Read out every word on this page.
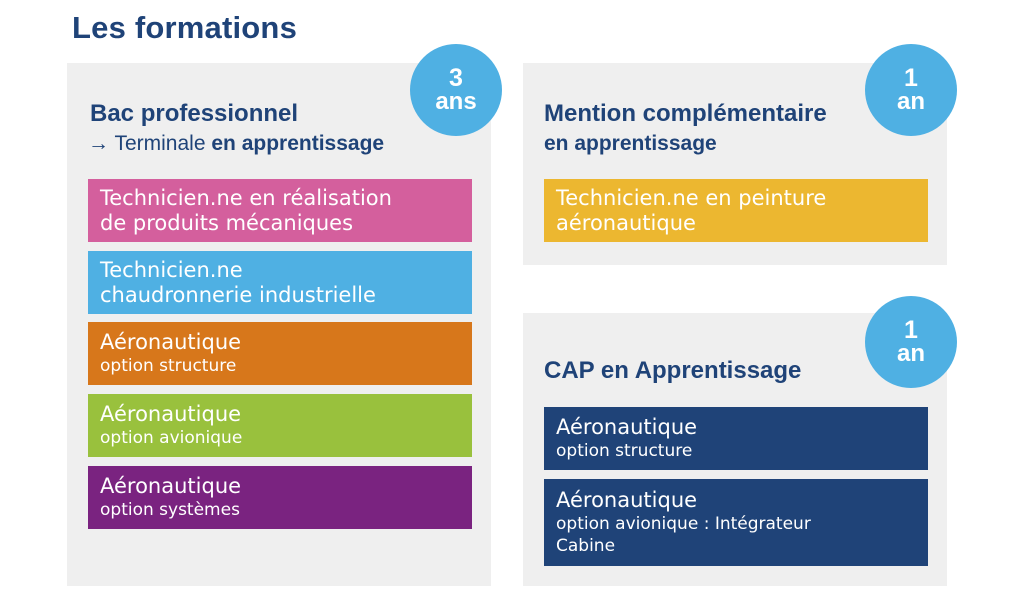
Les formations
3
ans
Bac professionnel
→ Terminale en apprentissage
Technicien.ne en réalisation
de produits mécaniques
Technicien.ne
chaudronnerie industrielle
Aéronautique
option structure
Aéronautique
option avionique
Aéronautique
option systèmes
1
an
Mention complémentaire
en apprentissage
Technicien.ne en peinture
aéronautique
1
an
CAP en Apprentissage
Aéronautique
option structure
Aéronautique
option avionique : Intégrateur
Cabine
